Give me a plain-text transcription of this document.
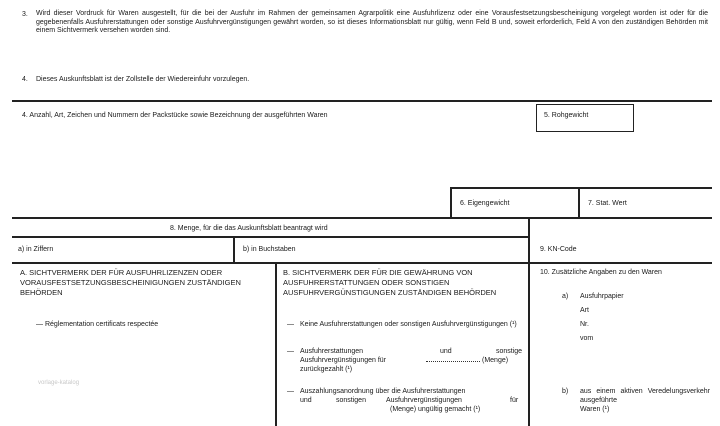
3. Wird dieser Vordruck für Waren ausgestellt, für die bei der Ausfuhr im Rahmen der gemeinsamen Agrarpolitik eine Ausfuhrlizenz oder eine Vorausfestsetzungsbescheinigung vorgelegt worden ist oder für die gegebenenfalls Ausfuhrerstattungen oder sonstige Ausfuhrvergünstigungen gewährt worden, so ist dieses Informationsblatt nur gültig, wenn Feld B und, soweit erforderlich, Feld A von den zuständigen Behörden mit einem Sichtvermerk versehen worden sind.
4. Dieses Auskunftsblatt ist der Zollstelle der Wiedereinfuhr vorzulegen.
4. Anzahl, Art, Zeichen und Nummern der Packstücke sowie Bezeichnung der ausgeführten Waren	5. Rohgewicht
6. Eigengewicht	7. Stat. Wert
8. Menge, für die das Auskunftsblatt beantragt wird
a) in Ziffern	b) in Buchstaben	9. KN-Code
A. SICHTVERMERK DER FÜR AUSFUHRLIZENZEN ODER VORAUSFESTSETZUNGSBESCHEINIGUNGEN ZUSTÄNDIGEN BEHÖRDEN
— Réglementation certificats respectée
B. SICHTVERMERK DER FÜR DIE GEWÄHRUNG VON AUSFUHRERSTATTUNGEN ODER SONSTIGEN AUSFUHRVERGÜNSTIGUNGEN ZUSTÄNDIGEN BEHÖRDEN
— Keine Ausfuhrerstattungen oder sonstigen Ausfuhrvergünstigungen (¹)
— Ausfuhrerstattungen	und	sonstige
Ausfuhrvergünstigungen für	(Menge)
zurückgezahlt (¹)
— Auszahlungsanordnung über die Ausfuhrerstattungen
und	sonstigen	Ausfuhrvergünstigungen	für
(Menge) ungültig gemacht (¹)
10. Zusätzliche Angaben zu den Waren
a) Ausfuhrpapier
Art
Nr.
vom
b) aus einem aktiven Veredelungsverkehr ausgeführte
Waren (¹)
vorlage-katalog
